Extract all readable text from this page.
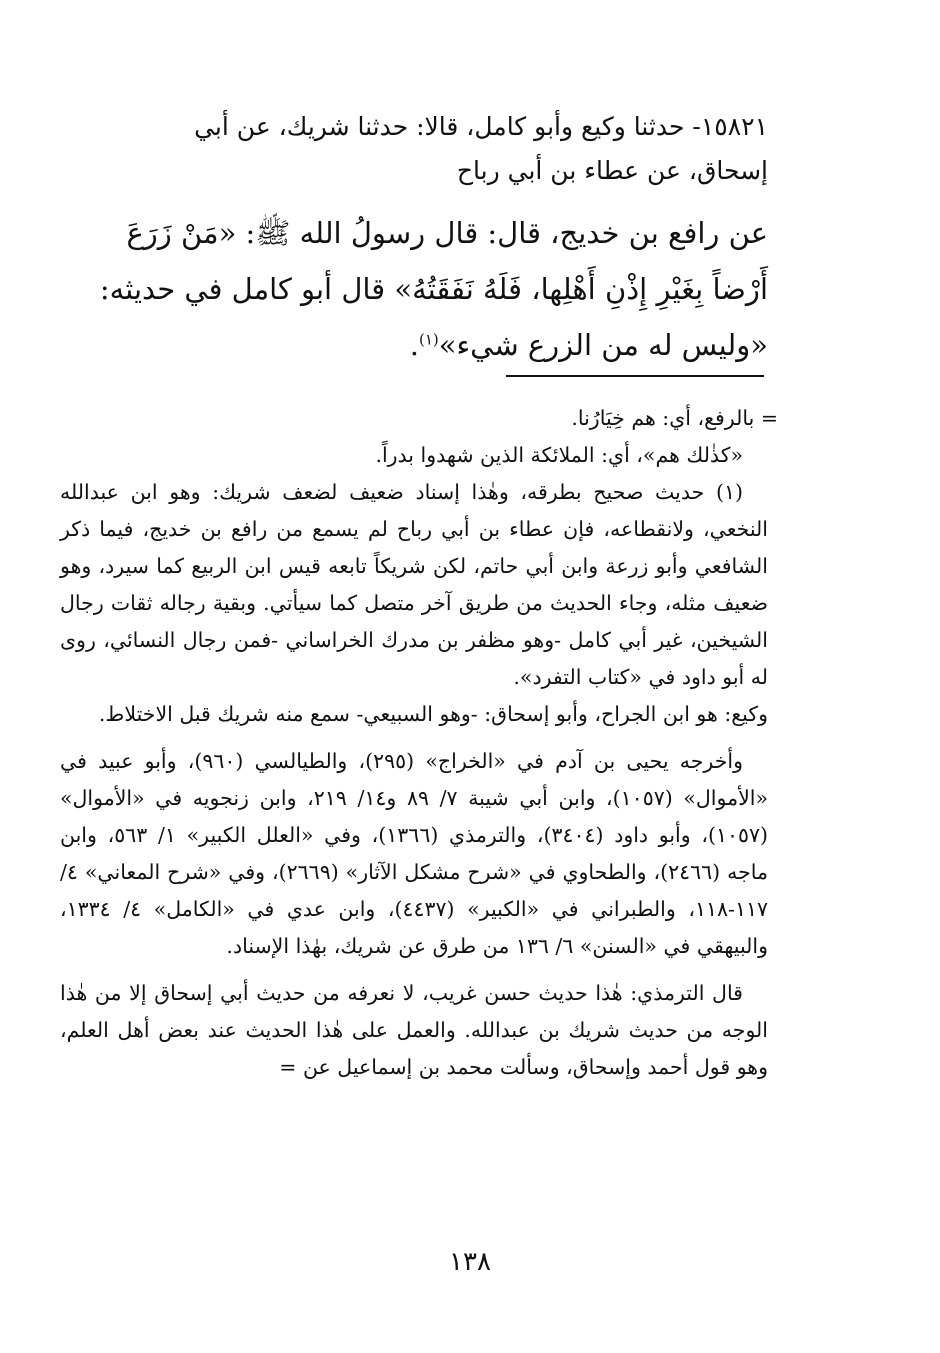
١٥٨٢١- حدثنا وكيع وأبو كامل، قالا: حدثنا شريك، عن أبي

إسحاق، عن عطاء بن أبي رباح

عن رافع بن خديج، قال: قال رسولُ الله ﷺ: «مَنْ زَرَعَ

أَرْضاً بِغَيْرِ إِذْنِ أَهْلِها، فَلَهُ نَفَقَتُهُ» قال أبو كامل في حديثه:

«وليس له من الزرع شيء»$^{(١)}$.

= بالرفع، أي: هم خِيَارُنا.

«كذٰلك هم»، أي: الملائكة الذين شهدوا بدراً.

(١) حديث صحيح بطرقه، وهٰذا إسناد ضعيف لضعف شريك: وهو ابن عبدالله النخعي، ولانقطاعه، فإن عطاء بن أبي رباح لم يسمع من رافع بن خديج، فيما ذكر الشافعي وأبو زرعة وابن أبي حاتم، لكن شريكاً تابعه قيس ابن الربيع كما سيرد، وهو ضعيف مثله، وجاء الحديث من طريق آخر متصل كما سيأتي. وبقية رجاله ثقات رجال الشيخين، غير أبي كامل -وهو مظفر بن مدرك الخراساني -فمن رجال النسائي، روى له أبو داود في «كتاب التفرد».

وكيع: هو ابن الجراح، وأبو إسحاق: -وهو السبيعي- سمع منه شريك قبل الاختلاط.

وأخرجه يحيى بن آدم في «الخراج» (٢٩٥)، والطيالسي (٩٦٠)، وأبو عبيد في «الأموال» (١٠٥٧)، وابن أبي شيبة ٧/ ٨٩ و١٤/ ٢١٩، وابن زنجويه في «الأموال» (١٠٥٧)، وأبو داود (٣٤٠٤)، والترمذي (١٣٦٦)، وفي «العلل الكبير» ١/ ٥٦٣، وابن ماجه (٢٤٦٦)، والطحاوي في «شرح مشكل الآثار» (٢٦٦٩)، وفي «شرح المعاني» ٤/ ١١٧-١١٨، والطبراني في «الكبير» (٤٤٣٧)، وابن عدي في «الكامل» ٤/ ١٣٣٤، والبيهقي في «السنن» ٦/ ١٣٦ من طرق عن شريك، بهٰذا الإسناد.

قال الترمذي: هٰذا حديث حسن غريب، لا نعرفه من حديث أبي إسحاق إلا من هٰذا الوجه من حديث شريك بن عبدالله. والعمل على هٰذا الحديث عند بعض أهل العلم، وهو قول أحمد وإسحاق، وسألت محمد بن إسماعيل عن =

١٣٨
